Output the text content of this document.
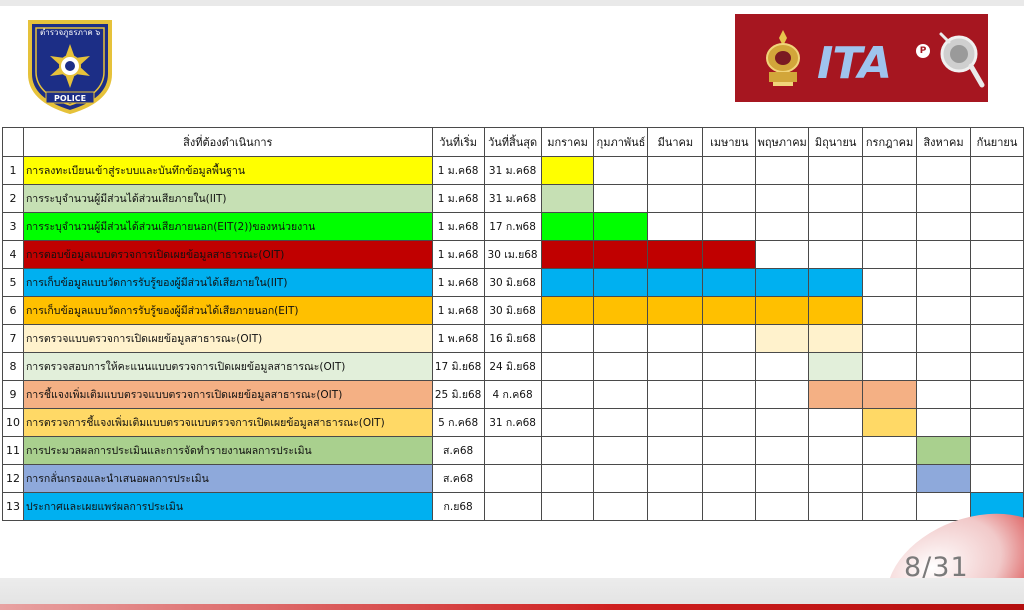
ตำรวจภูธรภาค ๖
POLICE
ITA	P
	สิ่งที่ต้องดำเนินการ	วันที่เริ่ม	วันที่สิ้นสุด	มกราคม	กุมภาพันธ์	มีนาคม	เมษายน	พฤษภาคม	มิถุนายน	กรกฎาคม	สิงหาคม	กันยายน
1	การลงทะเบียนเข้าสู่ระบบและบันทึกข้อมูลพื้นฐาน	1 ม.ค68	31 ม.ค68									
2	การระบุจำนวนผู้มีส่วนได้ส่วนเสียภายใน(IIT)	1 ม.ค68	31 ม.ค68									
3	การระบุจำนวนผู้มีส่วนได้ส่วนเสียภายนอก(EIT(2))ของหน่วยงาน	1 ม.ค68	17 ก.พ68									
4	การตอบข้อมูลแบบตรวจการเปิดเผยข้อมูลสาธารณะ(OIT)	1 ม.ค68	30 เม.ย68									
5	การเก็บข้อมูลแบบวัดการรับรู้ของผู้มีส่วนได้เสียภายใน(IIT)	1 ม.ค68	30 มิ.ย68									
6	การเก็บข้อมูลแบบวัดการรับรู้ของผู้มีส่วนได้เสียภายนอก(EIT)	1 ม.ค68	30 มิ.ย68									
7	การตรวจแบบตรวจการเปิดเผยข้อมูลสาธารณะ(OIT)	1 พ.ค68	16 มิ.ย68									
8	การตรวจสอบการให้คะแนนแบบตรวจการเปิดเผยข้อมูลสาธารณะ(OIT)	17 มิ.ย68	24 มิ.ย68									
9	การชี้แจงเพิ่มเติมแบบตรวจแบบตรวจการเปิดเผยข้อมูลสาธารณะ(OIT)	25 มิ.ย68	4 ก.ค68									
10	การตรวจการชี้แจงเพิ่มเติมแบบตรวจแบบตรวจการเปิดเผยข้อมูลสาธารณะ(OIT)	5 ก.ค68	31 ก.ค68									
11	การประมวลผลการประเมินและการจัดทำรายงานผลการประเมิน	ส.ค68										
12	การกลั่นกรองและนำเสนอผลการประเมิน	ส.ค68										
13	ประกาศและเผยแพร่ผลการประเมิน	ก.ย68										
8/31
